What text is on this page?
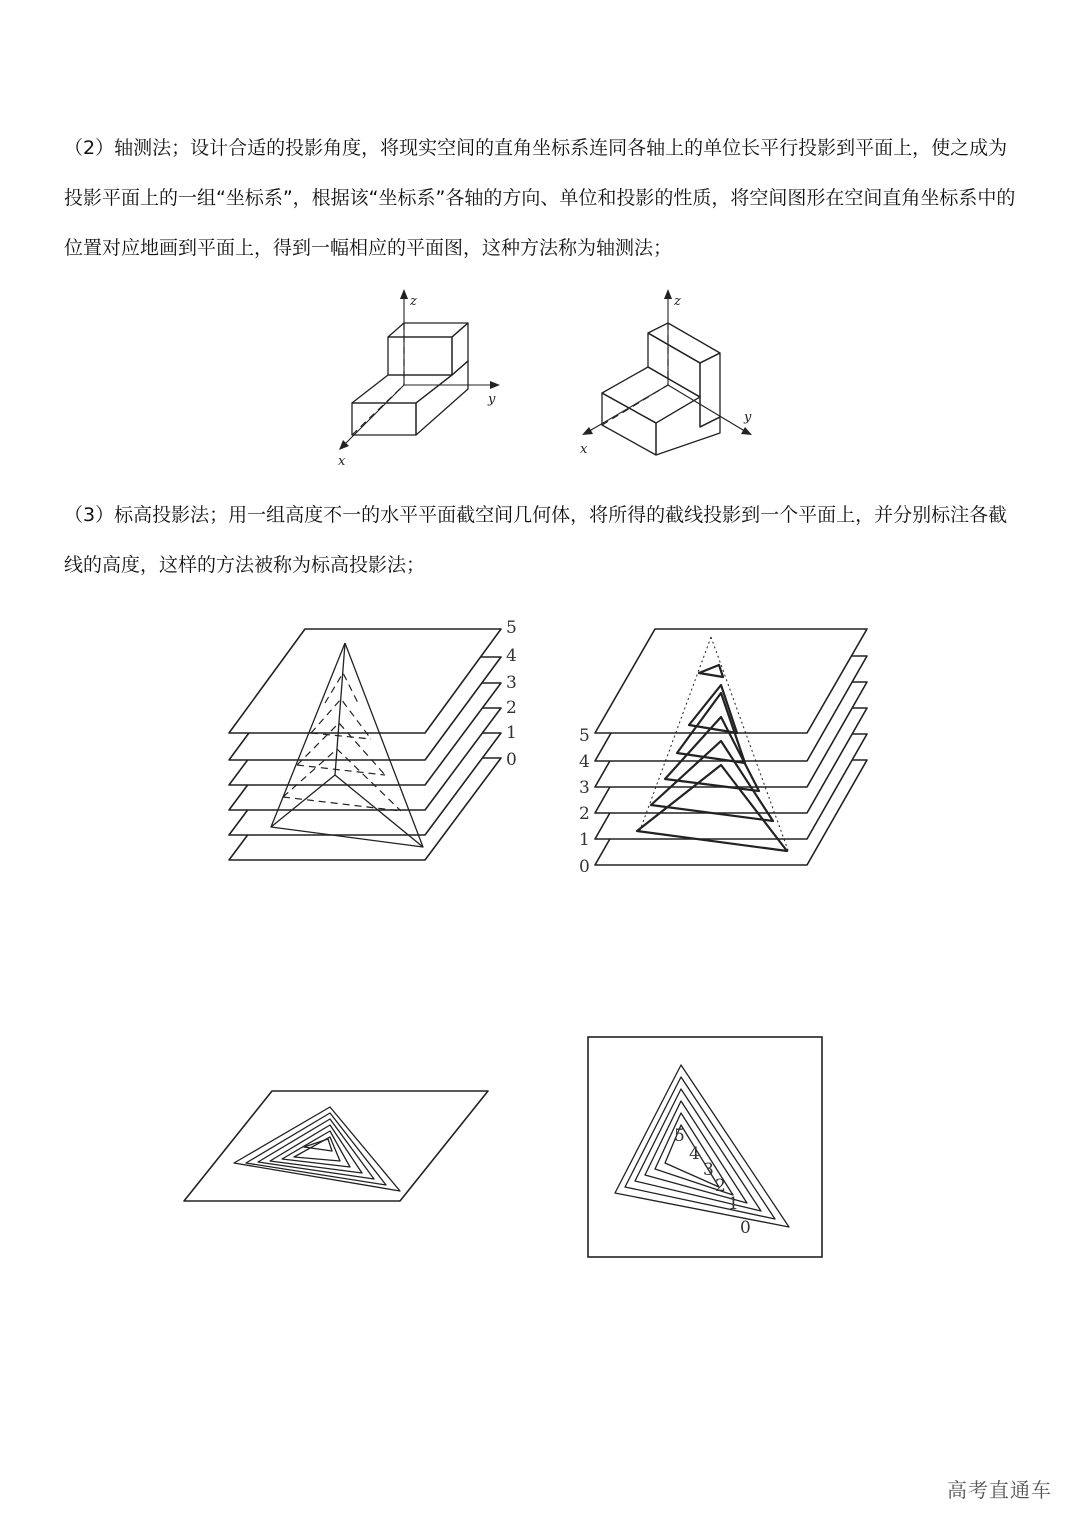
（2）轴测法；设计合适的投影角度，将现实空间的直角坐标系连同各轴上的单位长平行投影到平面上，使之成为投影平面上的一组“坐标系”，根据该“坐标系”各轴的方向、单位和投影的性质，将空间图形在空间直角坐标系中的位置对应地画到平面上，得到一幅相应的平面图，这种方法称为轴测法；

z
y
x
z
y
x

（3）标高投影法；用一组高度不一的水平平面截空间几何体，将所得的截线投影到一个平面上，并分别标注各截线的高度，这样的方法被称为标高投影法；

5
4
3
2
1
0
5
4
3
2
1
0
5
4
3
2
1
0
高考直通车
